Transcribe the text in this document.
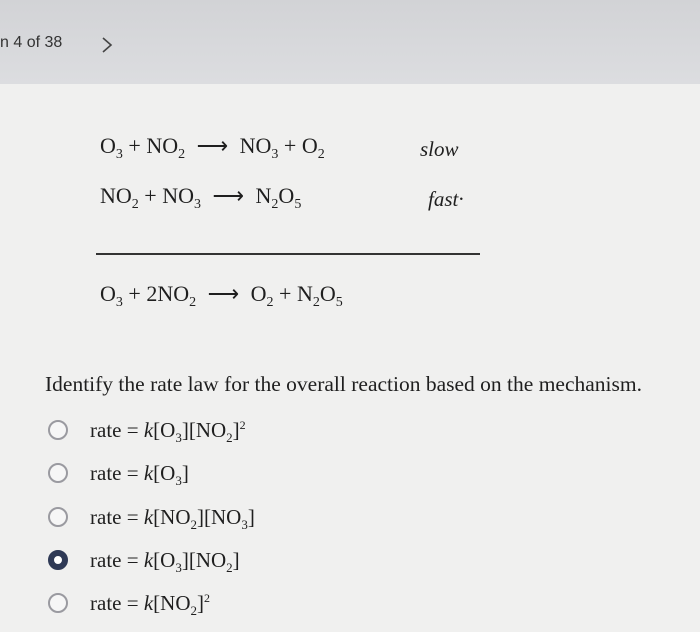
n 4 of 38
$O_3 + NO_2$ ⟶ $NO_3 + O_2$	slow
$NO_2 + NO_3$ ⟶ $N_2O_5$	fast·
$O_3 + 2NO_2$ ⟶ $O_2 + N_2O_5$
Identify the rate law for the overall reaction based on the mechanism.
rate = $k[O_3][NO_2]^2$
rate = $k[O_3]$
rate = $k[NO_2][NO_3]$
rate = $k[O_3][NO_2]$
rate = $k[NO_2]^2$
